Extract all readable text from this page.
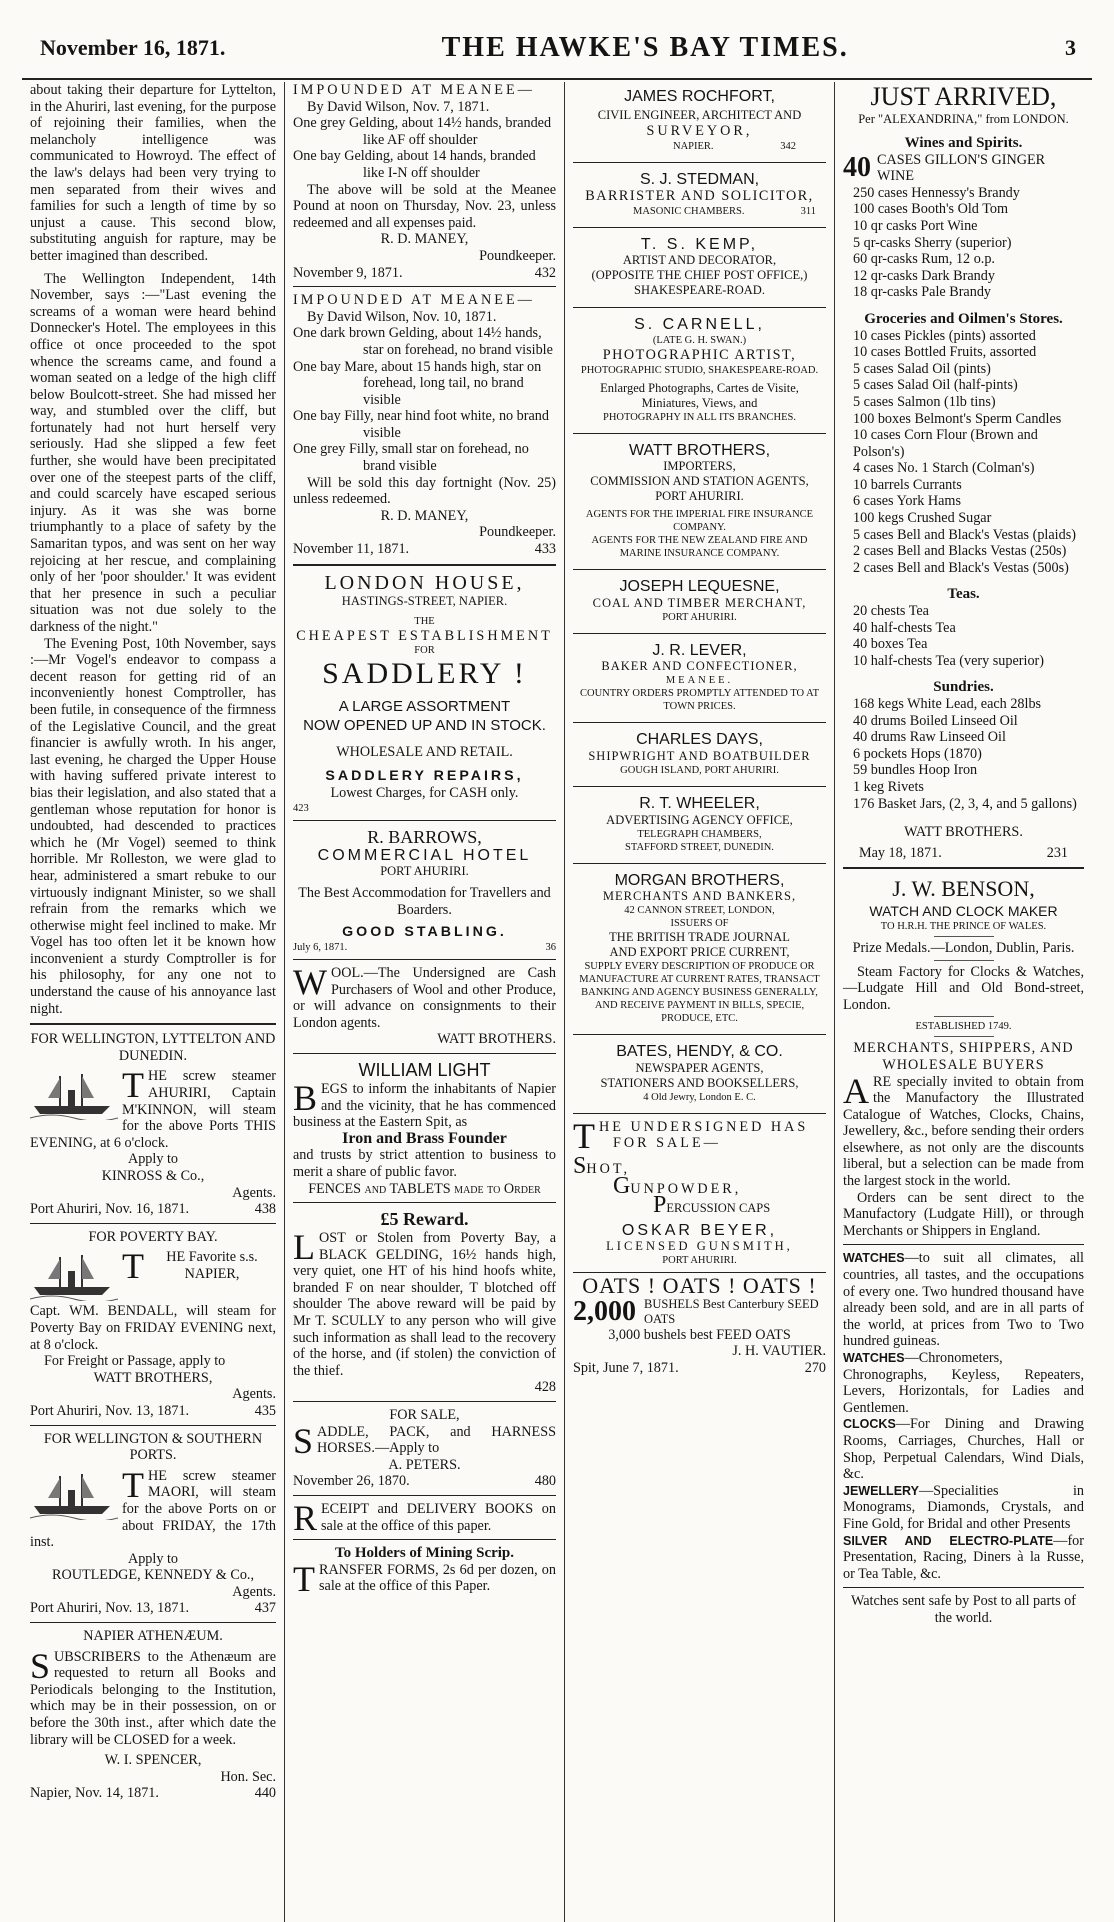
November 16, 1871.	THE HAWKE'S BAY TIMES.	3

about taking their departure for Lyttelton, in the Ahuriri, last evening, for the purpose of rejoining their families, when the melancholy intelligence was communicated to Howroyd. The effect of the law's delays had been very trying to men separated from their wives and families for such a length of time by so unjust a cause. This second blow, substituting anguish for rapture, may be better imagined than described.

The Wellington Independent, 14th November, says :—"Last evening the screams of a woman were heard behind Donnecker's Hotel. The employees in this office ot once proceeded to the spot whence the screams came, and found a woman seated on a ledge of the high cliff below Boulcott-street. She had missed her way, and stumbled over the cliff, but fortunately had not hurt herself very seriously. Had she slipped a few feet further, she would have been precipitated over one of the steepest parts of the cliff, and could scarcely have escaped serious injury. As it was she was borne triumphantly to a place of safety by the Samaritan typos, and was sent on her way rejoicing at her rescue, and complaining only of her 'poor shoulder.' It was evident that her presence in such a peculiar situation was not due solely to the darkness of the night."

The Evening Post, 10th November, says :—Mr Vogel's endeavor to compass a decent reason for getting rid of an inconveniently honest Comptroller, has been futile, in consequence of the firmness of the Legislative Council, and the great financier is awfully wroth. In his anger, last evening, he charged the Upper House with having suffered private interest to bias their legislation, and also stated that a gentleman whose reputation for honor is undoubted, had descended to practices which he (Mr Vogel) seemed to think horrible. Mr Rolleston, we were glad to hear, administered a smart rebuke to our virtuously indignant Minister, so we shall refrain from the remarks which we otherwise might feel inclined to make. Mr Vogel has too often let it be known how inconvenient a sturdy Comptroller is for his philosophy, for any one not to understand the cause of his annoyance last night.

FOR WELLINGTON, LYTTELTON AND DUNEDIN.
T HE screw steamer AHURIRI, Captain M'KINNON, will steam for the above Ports THIS EVENING, at 6 o'clock.

Apply to
KINROSS & Co.,
Agents.
Port Ahuriri, Nov. 16, 1871.	438
FOR POVERTY BAY.
T	HE Favorite s.s. NAPIER,

Capt. WM. BENDALL, will steam for Poverty Bay on FRIDAY EVENING next, at 8 o'clock.

For Freight or Passage, apply to
WATT BROTHERS,
Agents.
Port Ahuriri, Nov. 13, 1871.	435
FOR WELLINGTON & SOUTHERN PORTS.
T HE screw steamer MAORI, will steam for the above Ports on or about FRIDAY, the 17th inst.

Apply to
ROUTLEDGE, KENNEDY & Co.,
Agents.
Port Ahuriri, Nov. 13, 1871.	437
NAPIER ATHENÆUM.
S UBSCRIBERS to the Athenæum are requested to return all Books and Periodicals belonging to the Institution, which may be in their possession, on or before the 30th inst., after which date the library will be CLOSED for a week.

W. I. SPENCER,
Hon. Sec.
Napier, Nov. 14, 1871.	440
IMPOUNDED AT MEANEE—
By David Wilson, Nov. 7, 1871.
One grey Gelding, about 14½ hands, branded like AF off shoulder
One bay Gelding, about 14 hands, branded like I-N off shoulder

The above will be sold at the Meanee Pound at noon on Thursday, Nov. 23, unless redeemed and all expenses paid.

R. D. MANEY,
Poundkeeper.
November 9, 1871.	432
IMPOUNDED AT MEANEE—
By David Wilson, Nov. 10, 1871.
One dark brown Gelding, about 14½ hands, star on forehead, no brand visible
One bay Mare, about 15 hands high, star on forehead, long tail, no brand visible
One bay Filly, near hind foot white, no brand visible
One grey Filly, small star on forehead, no brand visible

Will be sold this day fortnight (Nov. 25) unless redeemed.

R. D. MANEY,
Poundkeeper.
November 11, 1871.	433
LONDON HOUSE,
HASTINGS-STREET, NAPIER.
THE
CHEAPEST ESTABLISHMENT
FOR
SADDLERY !
A LARGE ASSORTMENT
NOW OPENED UP AND IN STOCK.
WHOLESALE AND RETAIL.
SADDLERY REPAIRS,
Lowest Charges, for CASH only.
423
R. BARROWS,
COMMERCIAL HOTEL
PORT AHURIRI.
The Best Accommodation for Travellers and Boarders.
GOOD STABLING.
July 6, 1871.	36
W OOL.—The Undersigned are Cash Purchasers of Wool and other Produce, or will advance on consignments to their London agents.

WATT BROTHERS.
WILLIAM LIGHT
B EGS to inform the inhabitants of Napier and the vicinity, that he has commenced business at the Eastern Spit, as

Iron and Brass Founder

and trusts by strict attention to business to merit a share of public favor.

FENCES and TABLETS made to Order
£5 Reward.
L OST or Stolen from Poverty Bay, a BLACK GELDING, 16½ hands high, very quiet, one HT of his hind hoofs white, branded F on near shoulder, T blotched off shoulder The above reward will be paid by Mr T. SCULLY to any person who will give such information as shall lead to the recovery of the horse, and (if stolen) the conviction of the thief.

428
FOR SALE,
S ADDLE, PACK, and HARNESS HORSES.—Apply to

A. PETERS.
November 26, 1870.	480
R ECEIPT and DELIVERY BOOKS on sale at the office of this paper.

To Holders of Mining Scrip.
T RANSFER FORMS, 2s 6d per dozen, on sale at the office of this Paper.

JAMES ROCHFORT,
CIVIL ENGINEER, ARCHITECT AND
SURVEYOR,
NAPIER.	342
S. J. STEDMAN,
BARRISTER AND SOLICITOR,
MASONIC CHAMBERS.	311
T. S. KEMP,
ARTIST AND DECORATOR,
(OPPOSITE THE CHIEF POST OFFICE,)
SHAKESPEARE-ROAD.
S. CARNELL,
(LATE G. H. SWAN.)
PHOTOGRAPHIC ARTIST,
PHOTOGRAPHIC STUDIO, SHAKESPEARE-ROAD.
Enlarged Photographs, Cartes de Visite, Miniatures, Views, and
PHOTOGRAPHY IN ALL ITS BRANCHES.
WATT BROTHERS,
IMPORTERS,
COMMISSION AND STATION AGENTS,
PORT AHURIRI.
AGENTS FOR THE IMPERIAL FIRE INSURANCE COMPANY.
AGENTS FOR THE NEW ZEALAND FIRE AND MARINE INSURANCE COMPANY.
JOSEPH LEQUESNE,
COAL AND TIMBER MERCHANT,
PORT AHURIRI.
J. R. LEVER,
BAKER AND CONFECTIONER,
MEANEE.
COUNTRY ORDERS PROMPTLY ATTENDED TO AT TOWN PRICES.
CHARLES DAYS,
SHIPWRIGHT AND BOATBUILDER
GOUGH ISLAND, PORT AHURIRI.
R. T. WHEELER,
ADVERTISING AGENCY OFFICE,
TELEGRAPH CHAMBERS,
STAFFORD STREET, DUNEDIN.
MORGAN BROTHERS,
MERCHANTS AND BANKERS,
42 CANNON STREET, LONDON,
ISSUERS OF
THE BRITISH TRADE JOURNAL
AND EXPORT PRICE CURRENT,
SUPPLY EVERY DESCRIPTION OF PRODUCE OR MANUFACTURE AT CURRENT RATES, TRANSACT BANKING AND AGENCY BUSINESS GENERALLY,
AND RECEIVE PAYMENT IN BILLS, SPECIE, PRODUCE, ETC.
BATES, HENDY, & CO.
NEWSPAPER AGENTS,
STATIONERS AND BOOKSELLERS,
4 Old Jewry, London E. C.
THE UNDERSIGNED HAS
FOR SALE—
SHOT,
GUNPOWDER,
PERCUSSION CAPS
OSKAR BEYER,
LICENSED GUNSMITH,
PORT AHURIRI.
OATS ! OATS ! OATS !
2,000 BUSHELS Best Canterbury SEED OATS
3,000 bushels best FEED OATS
J. H. VAUTIER.
Spit, June 7, 1871.	270
JUST ARRIVED,
Per "ALEXANDRINA," from LONDON.
Wines and Spirits.
40 CASES GILLON'S GINGER WINE
250 cases Hennessy's Brandy
100 cases Booth's Old Tom
10 qr casks Port Wine
5 qr-casks Sherry (superior)
60 qr-casks Rum, 12 o.p.
12 qr-casks Dark Brandy
18 qr-casks Pale Brandy
Groceries and Oilmen's Stores.
10 cases Pickles (pints) assorted
10 cases Bottled Fruits, assorted
5 cases Salad Oil (pints)
5 cases Salad Oil (half-pints)
5 cases Salmon (1lb tins)
100 boxes Belmont's Sperm Candles
10 cases Corn Flour (Brown and Polson's)
4 cases No. 1 Starch (Colman's)
10 barrels Currants
6 cases York Hams
100 kegs Crushed Sugar
5 cases Bell and Black's Vestas (plaids)
2 cases Bell and Blacks Vestas (250s)
2 cases Bell and Black's Vestas (500s)
Teas.
20 chests Tea
40 half-chests Tea
40 boxes Tea
10 half-chests Tea (very superior)
Sundries.
168 kegs White Lead, each 28lbs
40 drums Boiled Linseed Oil
40 drums Raw Linseed Oil
6 pockets Hops (1870)
59 bundles Hoop Iron
1 keg Rivets
176 Basket Jars, (2, 3, 4, and 5 gallons)
WATT BROTHERS.
May 18, 1871.	231
J. W. BENSON,
WATCH AND CLOCK MAKER
TO H.R.H. THE PRINCE OF WALES.
Prize Medals.—London, Dublin, Paris.

Steam Factory for Clocks & Watches, —Ludgate Hill and Old Bond-street, London.

ESTABLISHED 1749.
MERCHANTS, SHIPPERS, AND WHOLESALE BUYERS
A RE specially invited to obtain from the Manufactory the Illustrated Catalogue of Watches, Clocks, Chains, Jewellery, &c., before sending their orders elsewhere, as not only are the discounts liberal, but a selection can be made from the largest stock in the world.

Orders can be sent direct to the Manufactory (Ludgate Hill), or through Merchants or Shippers in England.

WATCHES—to suit all climates, all countries, all tastes, and the occupations of every one. Two hundred thousand have already been sold, and are in all parts of the world, at prices from Two to Two hundred guineas.

WATCHES—Chronometers, Chronographs, Keyless, Repeaters, Levers, Horizontals, for Ladies and Gentlemen.

CLOCKS—For Dining and Drawing Rooms, Carriages, Churches, Hall or Shop, Perpetual Calendars, Wind Dials, &c.

JEWELLERY—Specialities in Monograms, Diamonds, Crystals, and Fine Gold, for Bridal and other Presents

SILVER AND ELECTRO-PLATE—for Presentation, Racing, Diners à la Russe, or Tea Table, &c.

Watches sent safe by Post to all parts of the world.
